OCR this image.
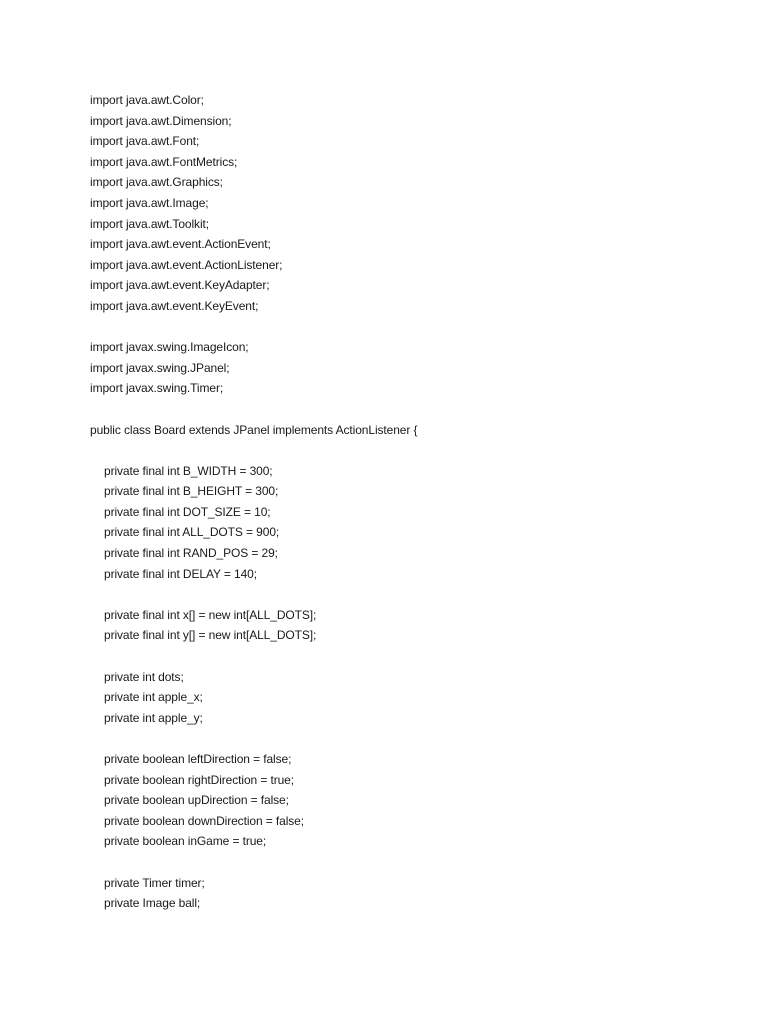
import java.awt.Color;
import java.awt.Dimension;
import java.awt.Font;
import java.awt.FontMetrics;
import java.awt.Graphics;
import java.awt.Image;
import java.awt.Toolkit;
import java.awt.event.ActionEvent;
import java.awt.event.ActionListener;
import java.awt.event.KeyAdapter;
import java.awt.event.KeyEvent;
import javax.swing.ImageIcon;
import javax.swing.JPanel;
import javax.swing.Timer;
public class Board extends JPanel implements ActionListener {
private final int B_WIDTH = 300;
private final int B_HEIGHT = 300;
private final int DOT_SIZE = 10;
private final int ALL_DOTS = 900;
private final int RAND_POS = 29;
private final int DELAY = 140;
private final int x[] = new int[ALL_DOTS];
private final int y[] = new int[ALL_DOTS];
private int dots;
private int apple_x;
private int apple_y;
private boolean leftDirection = false;
private boolean rightDirection = true;
private boolean upDirection = false;
private boolean downDirection = false;
private boolean inGame = true;
private Timer timer;
private Image ball;
